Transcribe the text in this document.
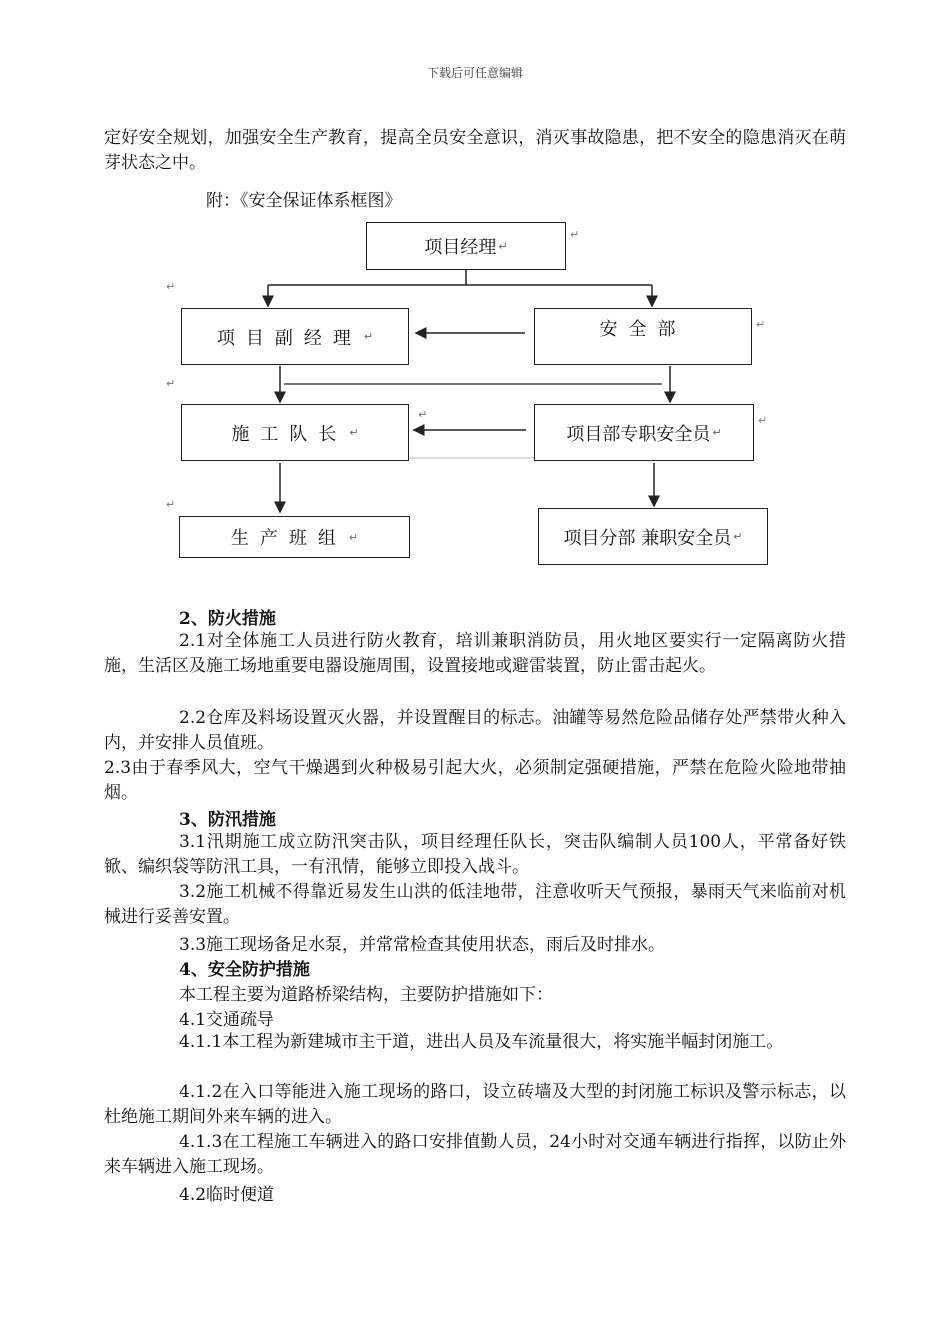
下载后可任意编辑

定好安全规划，加强安全生产教育，提高全员安全意识，消灭事故隐患，把不安全的隐患消灭在萌芽状态之中。

附：《安全保证体系框图》
项目经理 ↵
↵
项目副经理 ↵	安全部	↵
↵
↵
施工队长 ↵
↵
项目部专职安全员 ↵
↵
↵
生产班组 ↵	项目分部 兼职安全员 ↵

2、防火措施

2.1对全体施工人员进行防火教育，培训兼职消防员，用火地区要实行一定隔离防火措施，生活区及施工场地重要电器设施周围，设置接地或避雷装置，防止雷击起火。

2.2仓库及料场设置灭火器，并设置醒目的标志。油罐等易然危险品储存处严禁带火种入内，并安排人员值班。

2.3由于春季风大，空气干燥遇到火种极易引起大火，必须制定强硬措施，严禁在危险火险地带抽烟。

3、防汛措施

3.1汛期施工成立防汛突击队，项目经理任队长，突击队编制人员100人，平常备好铁锨、编织袋等防汛工具，一有汛情，能够立即投入战斗。

3.2施工机械不得靠近易发生山洪的低洼地带，注意收听天气预报，暴雨天气来临前对机械进行妥善安置。

3.3施工现场备足水泵，并常常检查其使用状态，雨后及时排水。

4、安全防护措施

本工程主要为道路桥梁结构，主要防护措施如下：

4.1交通疏导

4.1.1本工程为新建城市主干道，进出人员及车流量很大，将实施半幅封闭施工。

4.1.2在入口等能进入施工现场的路口，设立砖墙及大型的封闭施工标识及警示标志，以杜绝施工期间外来车辆的进入。

4.1.3在工程施工车辆进入的路口安排值勤人员，24小时对交通车辆进行指挥，以防止外来车辆进入施工现场。

4.2临时便道
